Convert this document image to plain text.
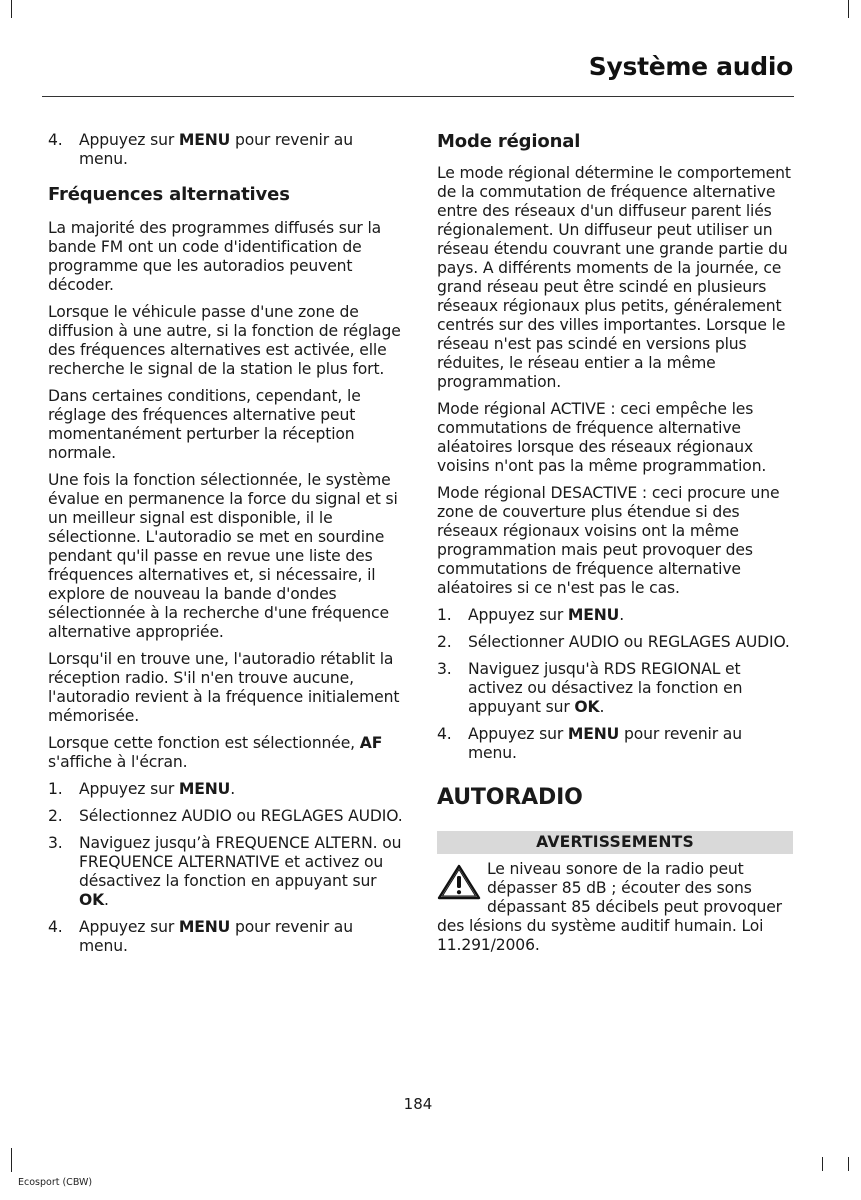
Système audio
4. Appuyez sur MENU pour revenir au menu.
Fréquences alternatives

La majorité des programmes diffusés sur la bande FM ont un code d'identification de programme que les autoradios peuvent décoder.

Lorsque le véhicule passe d'une zone de diffusion à une autre, si la fonction de réglage des fréquences alternatives est activée, elle recherche le signal de la station le plus fort.

Dans certaines conditions, cependant, le réglage des fréquences alternative peut momentanément perturber la réception normale.

Une fois la fonction sélectionnée, le système évalue en permanence la force du signal et si un meilleur signal est disponible, il le sélectionne. L'autoradio se met en sourdine pendant qu'il passe en revue une liste des fréquences alternatives et, si nécessaire, il explore de nouveau la bande d'ondes sélectionnée à la recherche d'une fréquence alternative appropriée.

Lorsqu'il en trouve une, l'autoradio rétablit la réception radio. S'il n'en trouve aucune, l'autoradio revient à la fréquence initialement mémorisée.

Lorsque cette fonction est sélectionnée, AF s'affiche à l'écran.

1. Appuyez sur MENU.
2. Sélectionnez AUDIO ou REGLAGES AUDIO.
3. Naviguez jusqu’à FREQUENCE ALTERN. ou FREQUENCE ALTERNATIVE et activez ou désactivez la fonction en appuyant sur OK.
4. Appuyez sur MENU pour revenir au menu.
Mode régional

Le mode régional détermine le comportement de la commutation de fréquence alternative entre des réseaux d'un diffuseur parent liés régionalement. Un diffuseur peut utiliser un réseau étendu couvrant une grande partie du pays. A différents moments de la journée, ce grand réseau peut être scindé en plusieurs réseaux régionaux plus petits, généralement centrés sur des villes importantes. Lorsque le réseau n'est pas scindé en versions plus réduites, le réseau entier a la même programmation.

Mode régional ACTIVE : ceci empêche les commutations de fréquence alternative aléatoires lorsque des réseaux régionaux voisins n'ont pas la même programmation.

Mode régional DESACTIVE : ceci procure une zone de couverture plus étendue si des réseaux régionaux voisins ont la même programmation mais peut provoquer des commutations de fréquence alternative aléatoires si ce n'est pas le cas.

1. Appuyez sur MENU.
2. Sélectionner AUDIO ou REGLAGES AUDIO.
3. Naviguez jusqu'à RDS REGIONAL et activez ou désactivez la fonction en appuyant sur OK.
4. Appuyez sur MENU pour revenir au menu.
AUTORADIO
AVERTISSEMENTS
Le niveau sonore de la radio peut dépasser 85 dB ; écouter des sons dépassant 85 décibels peut provoquer des lésions du système auditif humain. Loi 11.291/2006.
184
Ecosport (CBW)
